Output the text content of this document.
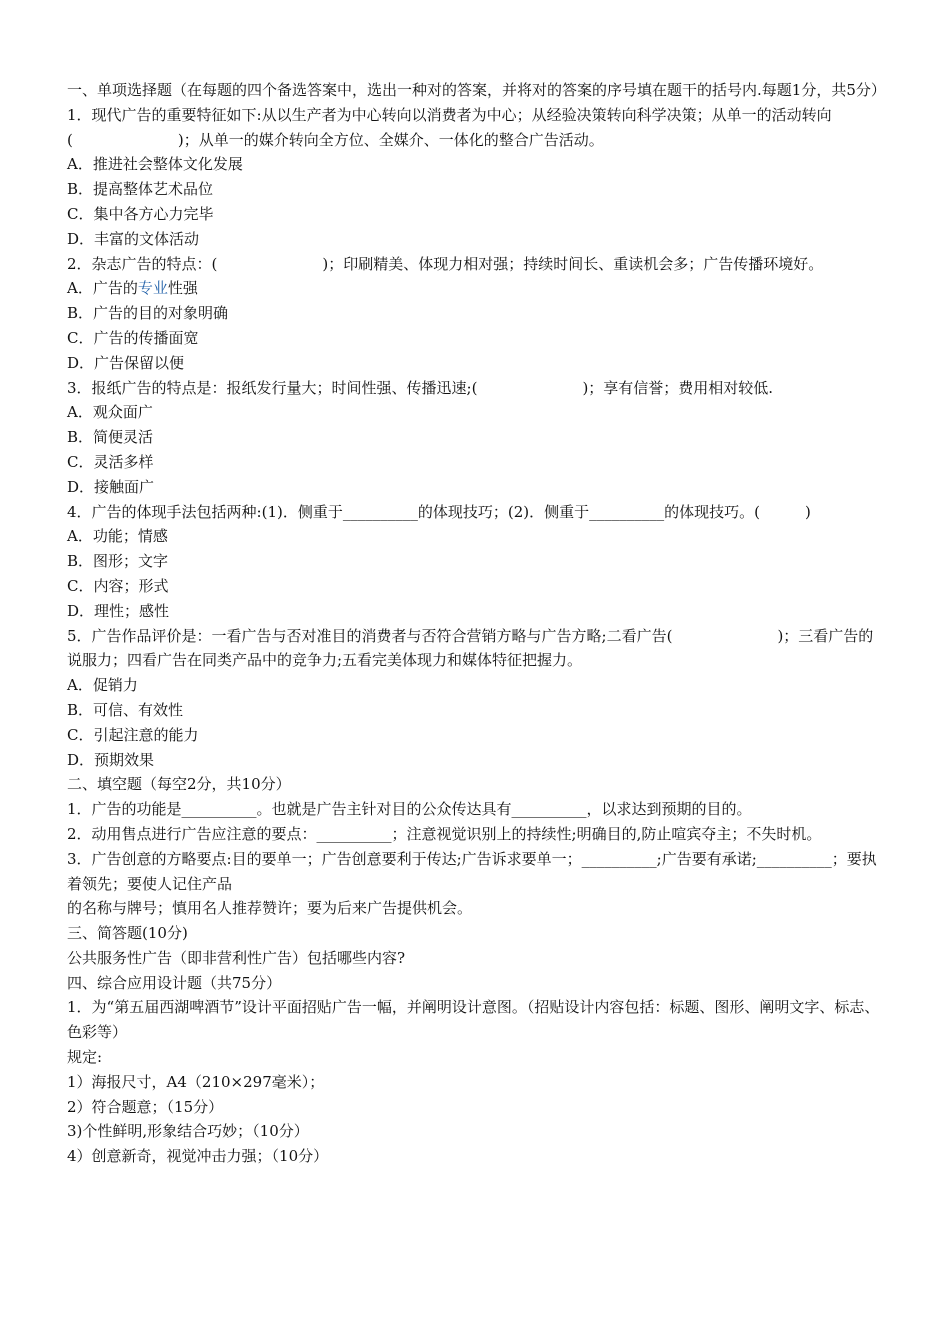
一、单项选择题（在每题的四个备选答案中，选出一种对的答案，并将对的答案的序号填在题干的括号内.每题1分，共5分）

1．现代广告的重要特征如下:从以生产者为中心转向以消费者为中心；从经验决策转向科学决策；从单一的活动转向(　　　　　　　)；从单一的媒介转向全方位、全媒介、一体化的整合广告活动。

A．推进社会整体文化发展

B．提高整体艺术品位

C．集中各方心力完毕

D．丰富的文体活动

2．杂志广告的特点：(　　　　　　　)；印刷精美、体现力相对强；持续时间长、重读机会多；广告传播环境好。

A．广告的专业性强

B．广告的目的对象明确

C．广告的传播面宽

D．广告保留以便

3．报纸广告的特点是：报纸发行量大；时间性强、传播迅速;(　　　　　　　)；享有信誉；费用相对较低.

A．观众面广

B．简便灵活

C．灵活多样

D．接触面广

4．广告的体现手法包括两种:(1)．侧重于__________的体现技巧；(2)．侧重于__________的体现技巧。(　　　)

A．功能；情感

B．图形；文字

C．内容；形式

D．理性；感性

5．广告作品评价是：一看广告与否对准目的消费者与否符合营销方略与广告方略;二看广告(　　　　　　　)；三看广告的说服力；四看广告在同类产品中的竞争力;五看完美体现力和媒体特征把握力。

A．促销力

B．可信、有效性

C．引起注意的能力

D．预期效果

二、填空题（每空2分，共10分）

1．广告的功能是__________。也就是广告主针对目的公众传达具有__________，以求达到预期的目的。

2．动用售点进行广告应注意的要点：__________；注意视觉识别上的持续性;明确目的,防止喧宾夺主；不失时机。

3．广告创意的方略要点:目的要单一；广告创意要利于传达;广告诉求要单一；__________;广告要有承诺;__________；要执着领先；要使人记住产品

的名称与牌号；慎用名人推荐赞许；要为后来广告提供机会。

三、简答题(10分)

公共服务性广告（即非营利性广告）包括哪些内容?

四、综合应用设计题（共75分）

1．为“第五届西湖啤酒节”设计平面招贴广告一幅，并阐明设计意图。（招贴设计内容包括：标题、图形、阐明文字、标志、色彩等）

规定:

1）海报尺寸，A4（210×297毫米）；

2）符合题意；（15分）

3)个性鲜明,形象结合巧妙；（10分）

4）创意新奇，视觉冲击力强；（10分）
